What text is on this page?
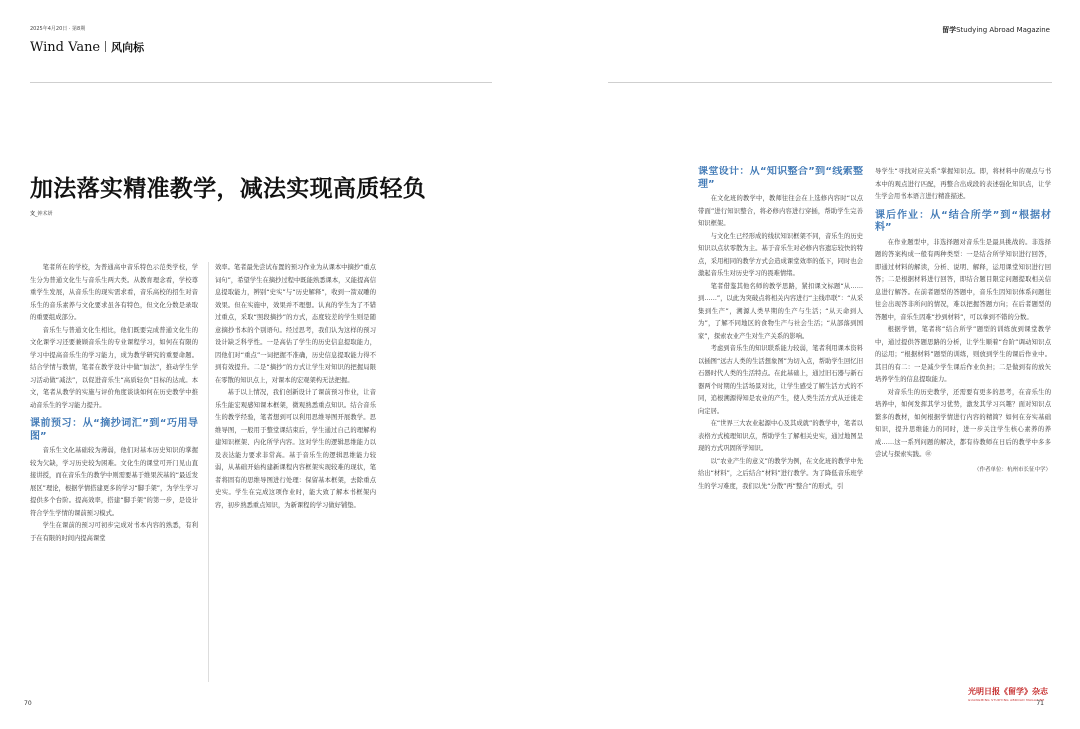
2025年4月20日 · 第8期
Wind Vane 风向标
加法落实精准教学，减法实现高质轻负
文_钟术妍

笔者所在的学校，为普通高中音乐特色示范类学校，学生分为普通文化生与音乐生两大类。从教育理念看，学校尊重学生发展，从音乐生的现实需求看，音乐高校的招生对音乐生的音乐素养与文化要求虽各有特色，但文化分数是录取的重要组成部分。

音乐生与普通文化生相比，他们既要完成普通文化生的文化课学习还要兼顾音乐生的专业课程学习，如何在有限的学习中提高音乐生的学习能力，成为教学研究的重要命题。结合学情与教情，笔者在教学设计中做“加法”，推动学生学习活动做“减法”，以促进音乐生“高质轻负”目标的达成。本文，笔者从教学的实施与评价角度谈谈如何在历史教学中推动音乐生的学习能力提升。

课前预习：从“摘抄词汇”到“巧用导图”

音乐生文化基础较为薄弱，他们对基本历史知识的掌握较为欠缺，学习历史较为困难。文化生的课堂可开门见山直接讲授，而在音乐生的教学中则需要基于维果茨基的“最近发展区”理论，根据学情搭建更多的学习“脚手架”，为学生学习提供多个台阶。提高效率，搭建“脚手架”的第一步，是设计符合学生学情的课前预习模式。

学生在课前的预习可初步完成对书本内容的熟悉，有利于在有限的时间内提高课堂

效率。笔者最先尝试布置的预习作业为从课本中摘抄“重点词句”，希望学生在摘抄过程中既能熟悉课本，又能提高信息提取能力，辨别“史实”与“历史解释”，收到一箭双雕的效果。但在实施中，效果并不理想。认真的学生为了不错过重点，采取“照段摘抄”的方式，态度较差的学生则是随意摘抄书本的个别语句。经过思考，我们认为这样的预习设计缺乏科学性。一是高估了学生的历史信息提取能力，因他们对“重点”一词把握不准确，历史信息提取能力得不到有效提升。二是“摘抄”的方式让学生对知识的把握局限在零散的知识点上，对课本的宏观架构无法把握。

基于以上情况，我们创新设计了课前预习作业，让音乐生能宏观感知课本框架，微观熟悉重点知识。结合音乐生的教学经验，笔者想到可以利用思维导图开展教学。思维导图，一般用于整堂课结束后，学生通过自己的理解构建知识框架、内化所学内容。这对学生的逻辑思维能力以及表达能力要求非常高。基于音乐生的逻辑思维能力较弱，从基础开始构建新课程内容框架实现较难的现状，笔者将固有的思维导图进行处理：保留基本框架，去除重点史实。学生在完成这项作业时，能大致了解本书框架内容，初步熟悉重点知识，为新课程的学习做好铺垫。

70
留学Studying Abroad Magazine
课堂设计：从“知识整合”到“线索整理”

在文化班的教学中，教师往往会在上选修内容时“以点带面”进行知识整合，将必修内容进行穿插，帮助学生完善知识框架。

与文化生已经形成的线状知识框架不同，音乐生的历史知识以点状零散为主。基于音乐生对必修内容遗忘较快的特点，采用相同的教学方式会造成课堂效率的低下，同时也会激起音乐生对历史学习的畏难情绪。

笔者借鉴其他名师的教学思路，紧扣课文标题“从……到……”，以此为突破点将相关内容进行“主线串联”：“从采集到生产”，溯源人类早期的生产与生活；“从天命到人为”，了解不同地区的食物生产与社会生活；“从部落到国家”，探索农业产生对生产关系的影响。

考虑到音乐生的知识联系能力较弱，笔者利用课本资料以插图“远古人类的生活想象图”为切入点，帮助学生回忆旧石器时代人类的生活特点。在此基础上，通过旧石器与新石器两个时期的生活场景对比，让学生感受了解生活方式的不同，追根溯源得知是农业的产生，使人类生活方式从迁徙走向定居。

在“世界三大农业起源中心及其成就”的教学中，笔者以表格方式梳理知识点，帮助学生了解相关史实，通过地图呈现的方式巩固所学知识。

以“农业产生的意义”的教学为例，在文化班的教学中先给出“材料”，之后结合“材料”进行教学。为了降低音乐班学生的学习难度，我们以先“分散”再“整合”的形式，引

导学生“寻找对应关系”掌握知识点。即，将材料中的观点与书本中的观点进行匹配，再整合出成段的表述强化知识点，让学生学会用书本语言进行精准描述。

课后作业：从“结合所学”到“根据材料”

在作业题型中，非选择题对音乐生是最具挑战的。非选择题的答案构成一般有两种类型：一是结合所学知识进行回答，即通过材料的解读，分析、说明、解释，运用课堂知识进行回答；二是根据材料进行回答，即结合题目限定问题提取相关信息进行解答。在前者题型的答题中，音乐生因知识体系问题往往会出现答非所问的情况，难以把握答题方向；在后者题型的答题中，音乐生因难“抄到材料”，可以拿到不错的分数。

根据学情，笔者将“结合所学”题型的训练放到课堂教学中，通过提供答题思路的分析，让学生顺着“台阶”调动知识点的运用；“根据材料”题型的训练，则放到学生的课后作业中。其目的有二：一是减少学生课后作业负担；二是做到有的放矢培养学生的信息提取能力。

对音乐生的历史教学，还需要有更多的思考，在音乐生的培养中，如何发挥其学习优势，激发其学习兴趣？面对知识点繁多的教材，如何根据学情进行内容的精简？如何在夯实基础知识，提升思维能力的同时，进一步关注学生核心素养的养成……这一系列问题的解决，都有待教师在日后的教学中多多尝试与探索实践。㊞

（作者单位：杭州市长征中学）

光明日报《留学》杂志
GUANGMING STUDYING ABROAD MAGAZINE
71
